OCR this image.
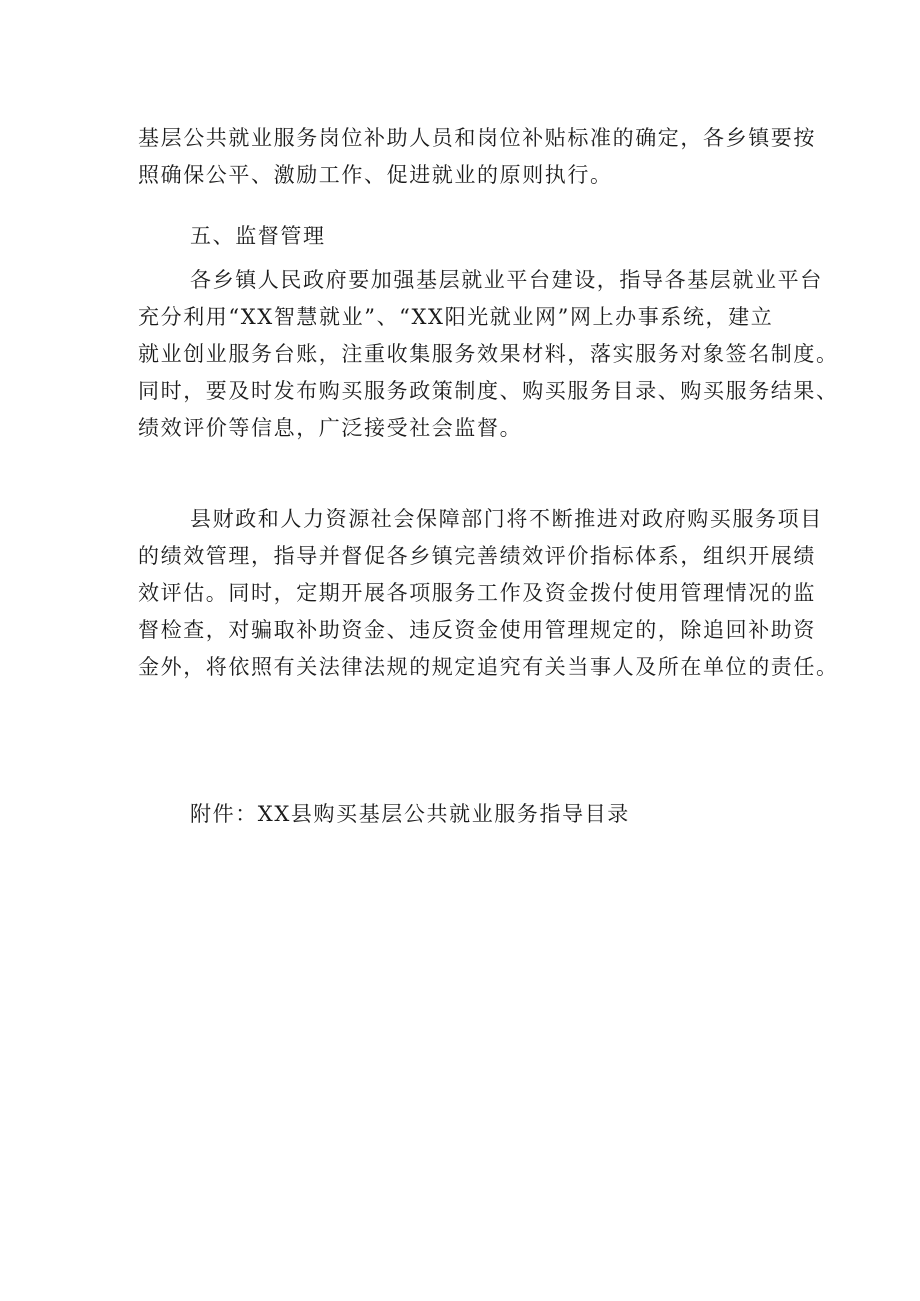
基层公共就业服务岗位补助人员和岗位补贴标准的确定，各乡镇要按
照确保公平、激励工作、促进就业的原则执行。

五、监督管理

各乡镇人民政府要加强基层就业平台建设，指导各基层就业平台
充分利用“XX智慧就业”、“XX阳光就业网”网上办事系统，建立
就业创业服务台账，注重收集服务效果材料，落实服务对象签名制度。
同时，要及时发布购买服务政策制度、购买服务目录、购买服务结果、
绩效评价等信息，广泛接受社会监督。

县财政和人力资源社会保障部门将不断推进对政府购买服务项目
的绩效管理，指导并督促各乡镇完善绩效评价指标体系，组织开展绩
效评估。同时，定期开展各项服务工作及资金拨付使用管理情况的监
督检查，对骗取补助资金、违反资金使用管理规定的，除追回补助资
金外，将依照有关法律法规的规定追究有关当事人及所在单位的责任。

附件：XX县购买基层公共就业服务指导目录
